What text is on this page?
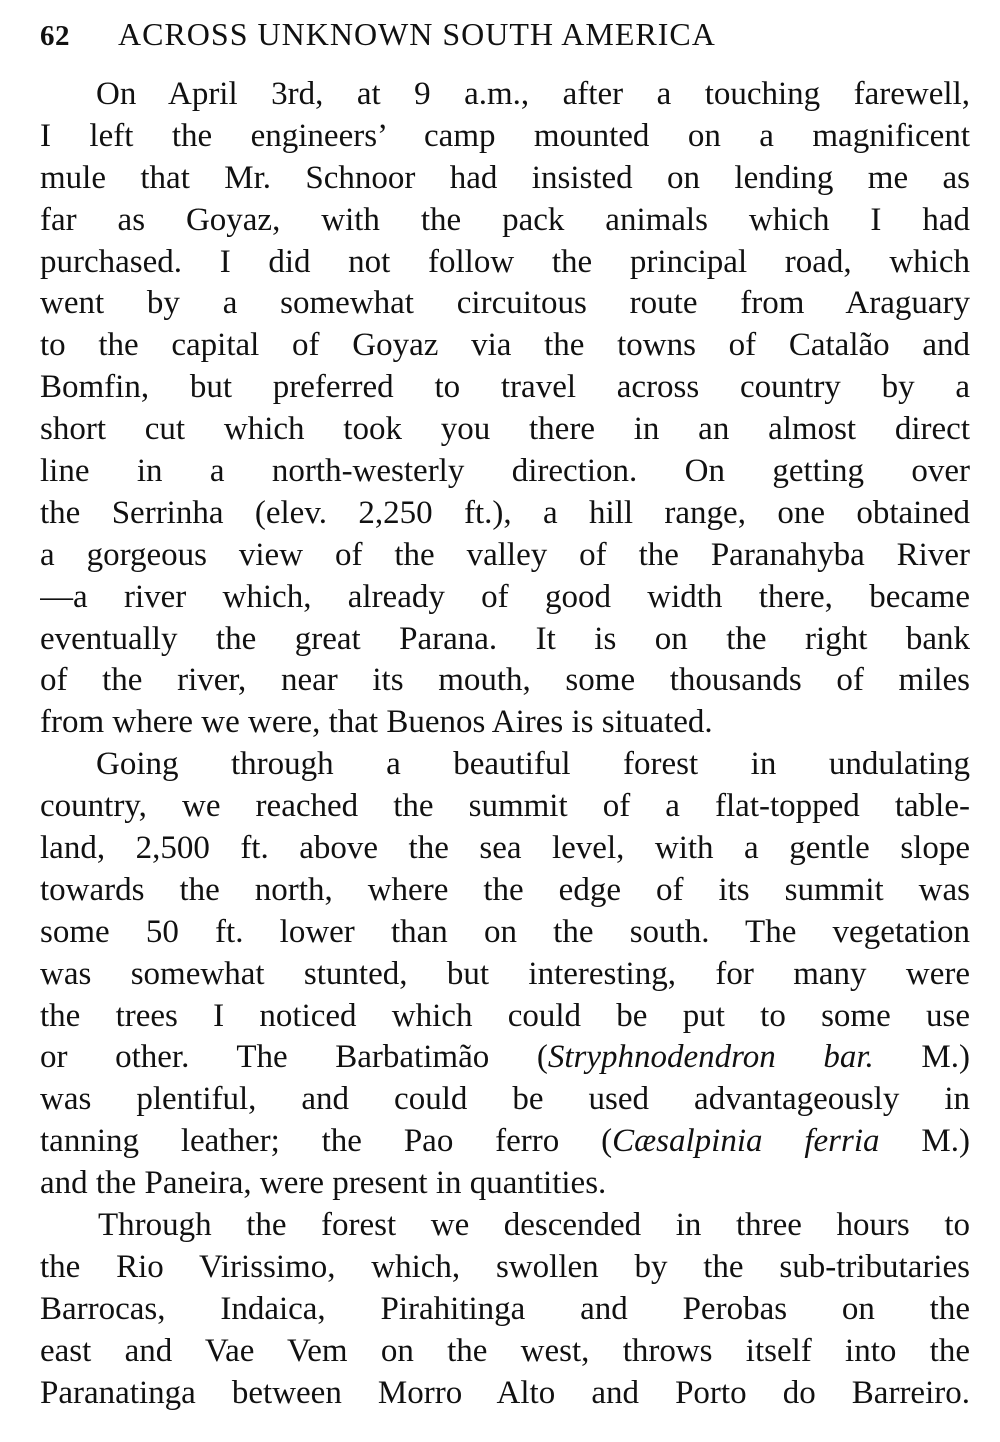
62	ACROSS UNKNOWN SOUTH AMERICA
On April 3rd, at 9 a.m., after a touching farewell,
I left the engineers’ camp mounted on a magnificent
mule that Mr. Schnoor had insisted on lending me as
far as Goyaz, with the pack animals which I had
purchased. I did not follow the principal road, which
went by a somewhat circuitous route from Araguary
to the capital of Goyaz via the towns of Catalão and
Bomfin, but preferred to travel across country by a
short cut which took you there in an almost direct
line in a north-westerly direction. On getting over
the Serrinha (elev. 2,250 ft.), a hill range, one obtained
a gorgeous view of the valley of the Paranahyba River
—a river which, already of good width there, became
eventually the great Parana. It is on the right bank
of the river, near its mouth, some thousands of miles
from where we were, that Buenos Aires is situated.
Going through a beautiful forest in undulating
country, we reached the summit of a flat-topped table-
land, 2,500 ft. above the sea level, with a gentle slope
towards the north, where the edge of its summit was
some 50 ft. lower than on the south. The vegetation
was somewhat stunted, but interesting, for many were
the trees I noticed which could be put to some use
or other. The Barbatimão (Stryphnodendron bar. M.)
was plentiful, and could be used advantageously in
tanning leather; the Pao ferro (Cæsalpinia ferria M.)
and the Paneira, were present in quantities.
Through the forest we descended in three hours to
the Rio Virissimo, which, swollen by the sub-tributaries
Barrocas, Indaica, Pirahitinga and Perobas on the
east and Vae Vem on the west, throws itself into the
Paranatinga between Morro Alto and Porto do Barreiro.
